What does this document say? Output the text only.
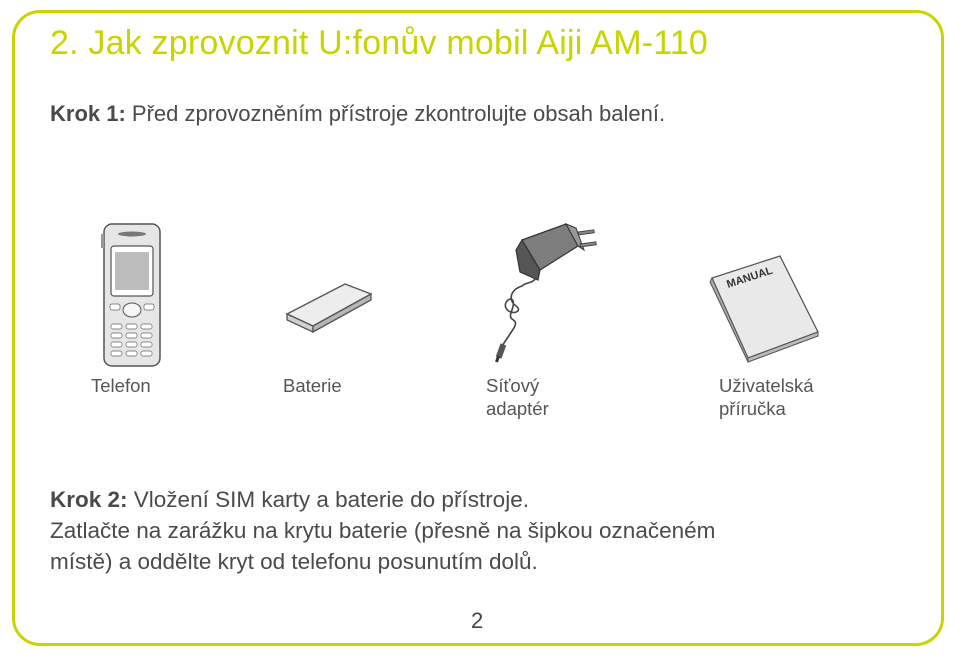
2. Jak zprovoznit U:fonův mobil Aiji AM-110
Krok 1: Před zprovozněním přístroje zkontrolujte obsah balení.
MANUAL
Telefon	Baterie	Síťový
adaptér
Uživatelská
příručka
Krok 2: Vložení SIM karty a baterie do přístroje.
Zatlačte na zarážku na krytu baterie (přesně na šipkou označeném
místě) a oddělte kryt od telefonu posunutím dolů.
2
